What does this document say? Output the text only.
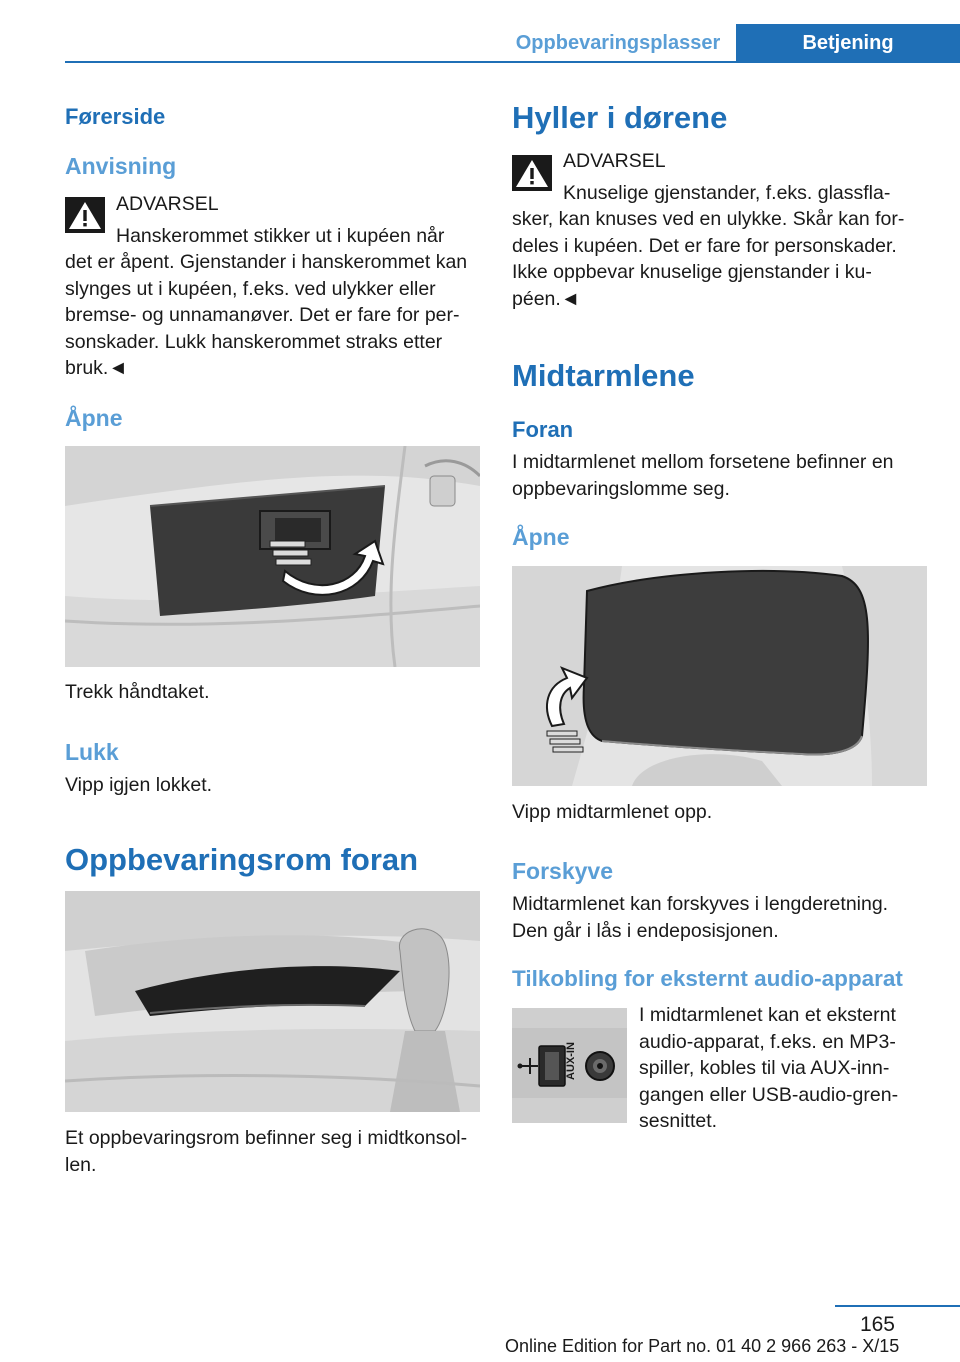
Oppbevaringsplasser	Betjening
Førerside
Anvisning
ADVARSEL
Hanskerommet stikker ut i kupéen når
det er åpent. Gjenstander i hanskerommet kan slynges ut i kupéen, f.eks. ved ulykker eller bremse- og unnamanøver. Det er fare for per-sonskader. Lukk hanskerommet straks etter bruk.◄
Åpne
Trekk håndtaket.
Lukk
Vipp igjen lokket.
Oppbevaringsrom foran
Et oppbevaringsrom befinner seg i midtkonsol-len.
Hyller i dørene
ADVARSEL
Knuselige gjenstander, f.eks. glassfla-
sker, kan knuses ved en ulykke. Skår kan for-deles i kupéen. Det er fare for personskader. Ikke oppbevar knuselige gjenstander i ku-péen.◄
Midtarmlene
Foran
I midtarmlenet mellom forsetene befinner en oppbevaringslomme seg.
Åpne
Vipp midtarmlenet opp.
Forskyve
Midtarmlenet kan forskyves i lengderetning. Den går i lås i endeposisjonen.
Tilkobling for eksternt audio-apparat
AUX-IN
I midtarmlenet kan et eksternt audio-apparat, f.eks. en MP3-spiller, kobles til via AUX-inn-gangen eller USB-audio-gren-sesnittet.
165
Online Edition for Part no. 01 40 2 966 263 - X/15
